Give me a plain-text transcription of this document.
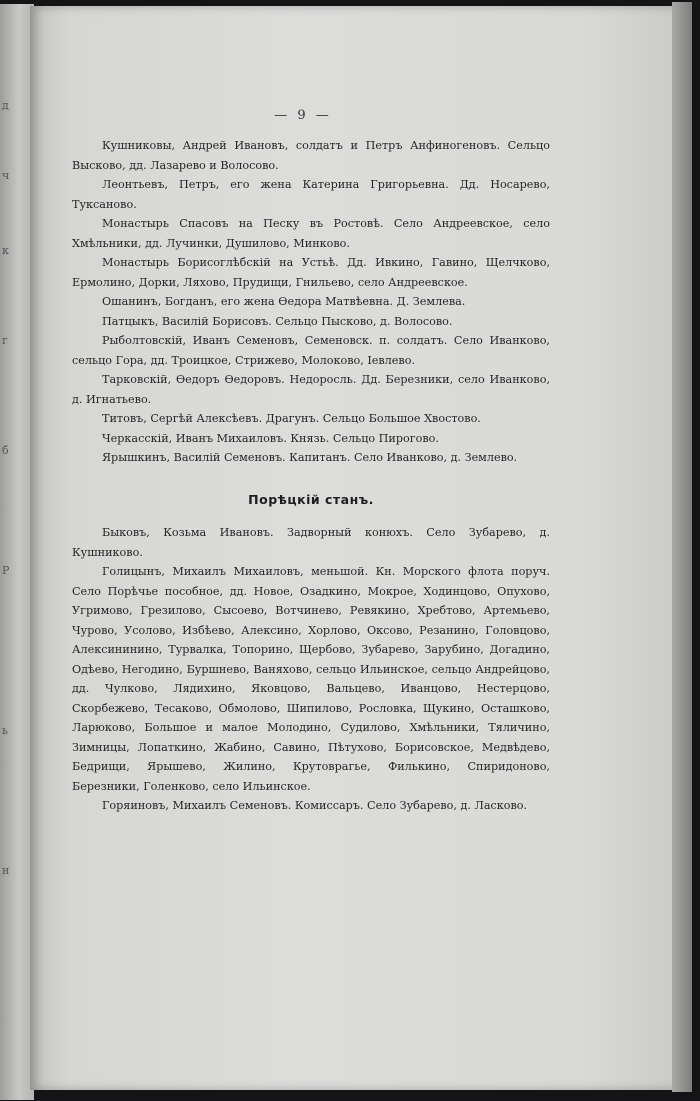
д
ч
к
г
б
Р
ь
н
— 9 —

Кушниковы, Андрей Ивановъ, солдатъ и Петръ Анфиногеновъ. Сельцо Высково, дд. Лазарево и Волосово.

Леонтьевъ, Петръ, его жена Катерина Григорьевна. Дд. Носарево, Туксаново.

Монастырь Спасовъ на Песку въ Ростовѣ. Село Андреевское, село Хмѣльники, дд. Лучинки, Душилово, Минково.

Монастырь Борисоглѣбскій на Устьѣ. Дд. Ивкино, Гавино, Щелчково, Ермолино, Дорки, Ляхово, Прудищи, Гнильево, село Андреевское.

Ошанинъ, Богданъ, его жена Өедора Матвѣевна. Д. Землева.

Патцыкъ, Василій Борисовъ. Сельцо Пысково, д. Волосово.

Рыболтовскій, Иванъ Семеновъ, Семеновск. п. солдатъ. Село Иванково, сельцо Гора, дд. Троицкое, Стрижево, Молоково, Іевлево.

Тарковскій, Өедоръ Өедоровъ. Недоросль. Дд. Березники, село Иванково, д. Игнатьево.

Титовъ, Сергѣй Алексѣевъ. Драгунъ. Сельцо Большое Хвостово.

Черкасскій, Иванъ Михаиловъ. Князь. Сельцо Пирогово.

Ярышкинъ, Василій Семеновъ. Капитанъ. Село Иванково, д. Землево.

Порѣцкій станъ.

Быковъ, Козьма Ивановъ. Задворный конюхъ. Село Зубарево, д. Кушниково.

Голицынъ, Михаилъ Михаиловъ, меньшой. Кн. Морского флота поруч. Село Порѣчье пособное, дд. Новое, Озадкино, Мокрое, Ходинцово, Опухово, Угримово, Грезилово, Сысоево, Вотчинево, Ревякино, Хребтово, Артемьево, Чурово, Усолово, Избѣево, Алексино, Хорлово, Оксово, Резанино, Головцово, Алексининино, Турвалка, Топорино, Щербово, Зубарево, Зарубино, Догадино, Одѣево, Негодино, Буршнево, Ваняхово, сельцо Ильинское, сельцо Андрейцово, дд. Чулково, Лядихино, Яковцово, Вальцево, Иванцово, Нестерцово, Скорбежево, Тесаково, Обмолово, Шипилово, Рословка, Щукино, Осташково, Ларюково, Большое и малое Молодино, Судилово, Хмѣльники, Тяличино, Зимницы, Лопаткино, Жабино, Савино, Пѣтухово, Борисовское, Медвѣдево, Бедрищи, Ярышево, Жилино, Крутоврагье, Филькино, Спиридоново, Березники, Голенково, село Ильинское.

Горяиновъ, Михаилъ Семеновъ. Комиссаръ. Село Зубарево, д. Ласково.
